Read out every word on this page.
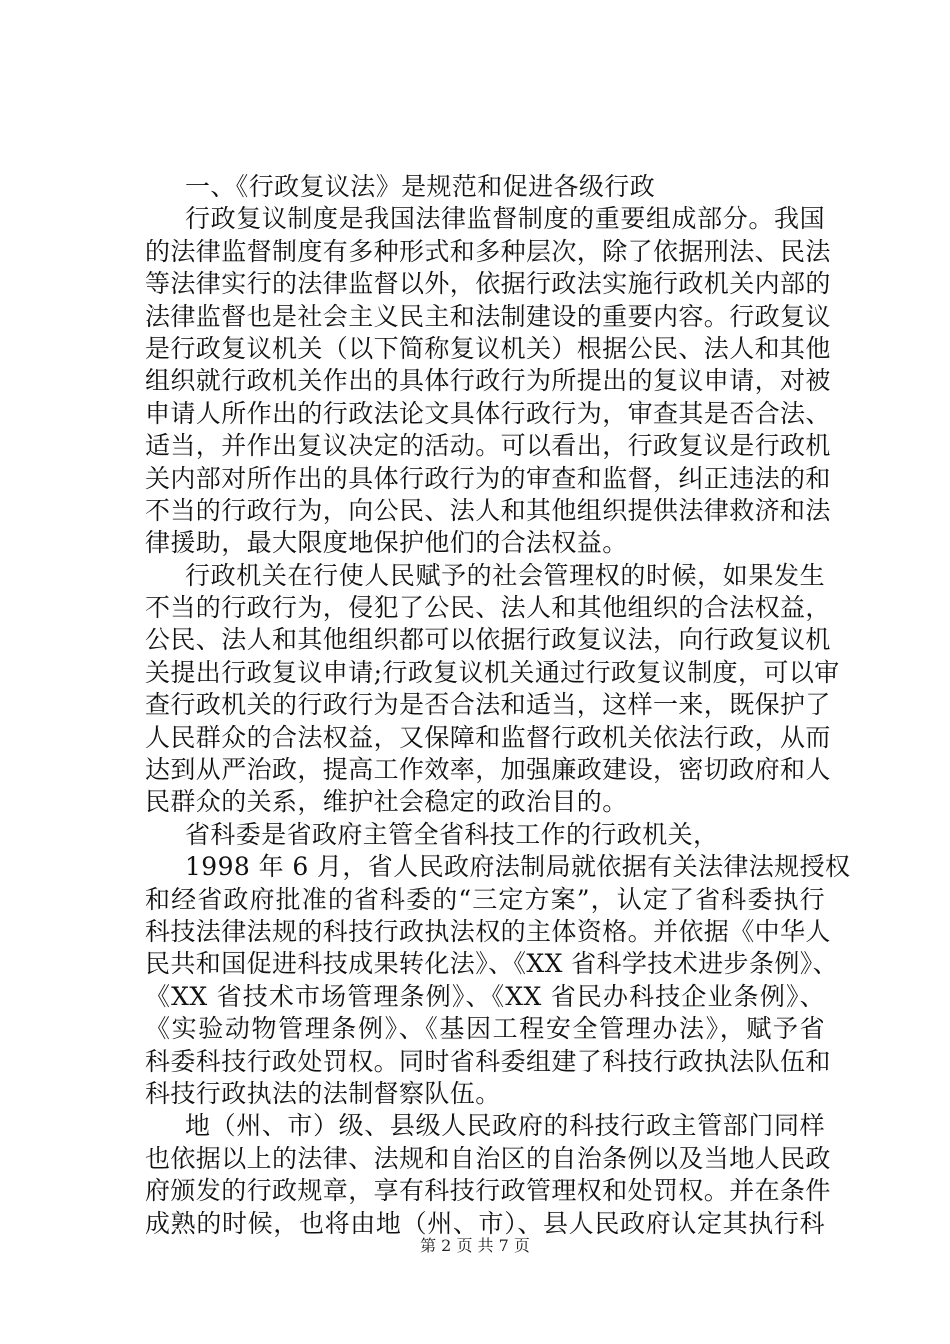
一、《行政复议法》是规范和促进各级行政
行政复议制度是我国法律监督制度的重要组成部分。我国
的法律监督制度有多种形式和多种层次，除了依据刑法、民法
等法律实行的法律监督以外，依据行政法实施行政机关内部的
法律监督也是社会主义民主和法制建设的重要内容。行政复议
是行政复议机关（以下简称复议机关）根据公民、法人和其他
组织就行政机关作出的具体行政行为所提出的复议申请，对被
申请人所作出的行政法论文具体行政行为，审查其是否合法、
适当，并作出复议决定的活动。可以看出，行政复议是行政机
关内部对所作出的具体行政行为的审查和监督，纠正违法的和
不当的行政行为，向公民、法人和其他组织提供法律救济和法
律援助，最大限度地保护他们的合法权益。
行政机关在行使人民赋予的社会管理权的时候，如果发生
不当的行政行为，侵犯了公民、法人和其他组织的合法权益，
公民、法人和其他组织都可以依据行政复议法，向行政复议机
关提出行政复议申请;行政复议机关通过行政复议制度，可以审
查行政机关的行政行为是否合法和适当，这样一来，既保护了
人民群众的合法权益，又保障和监督行政机关依法行政，从而
达到从严治政，提高工作效率，加强廉政建设，密切政府和人
民群众的关系，维护社会稳定的政治目的。
省科委是省政府主管全省科技工作的行政机关，
1998 年 6 月，省人民政府法制局就依据有关法律法规授权
和经省政府批准的省科委的“三定方案”，认定了省科委执行
科技法律法规的科技行政执法权的主体资格。并依据《中华人
民共和国促进科技成果转化法》、《XX 省科学技术进步条例》、
《XX 省技术市场管理条例》、《XX 省民办科技企业条例》、
《实验动物管理条例》、《基因工程安全管理办法》，赋予省
科委科技行政处罚权。同时省科委组建了科技行政执法队伍和
科技行政执法的法制督察队伍。
地（州、市）级、县级人民政府的科技行政主管部门同样
也依据以上的法律、法规和自治区的自治条例以及当地人民政
府颁发的行政规章，享有科技行政管理权和处罚权。并在条件
成熟的时候，也将由地（州、市）、县人民政府认定其执行科
第 2 页 共 7 页
